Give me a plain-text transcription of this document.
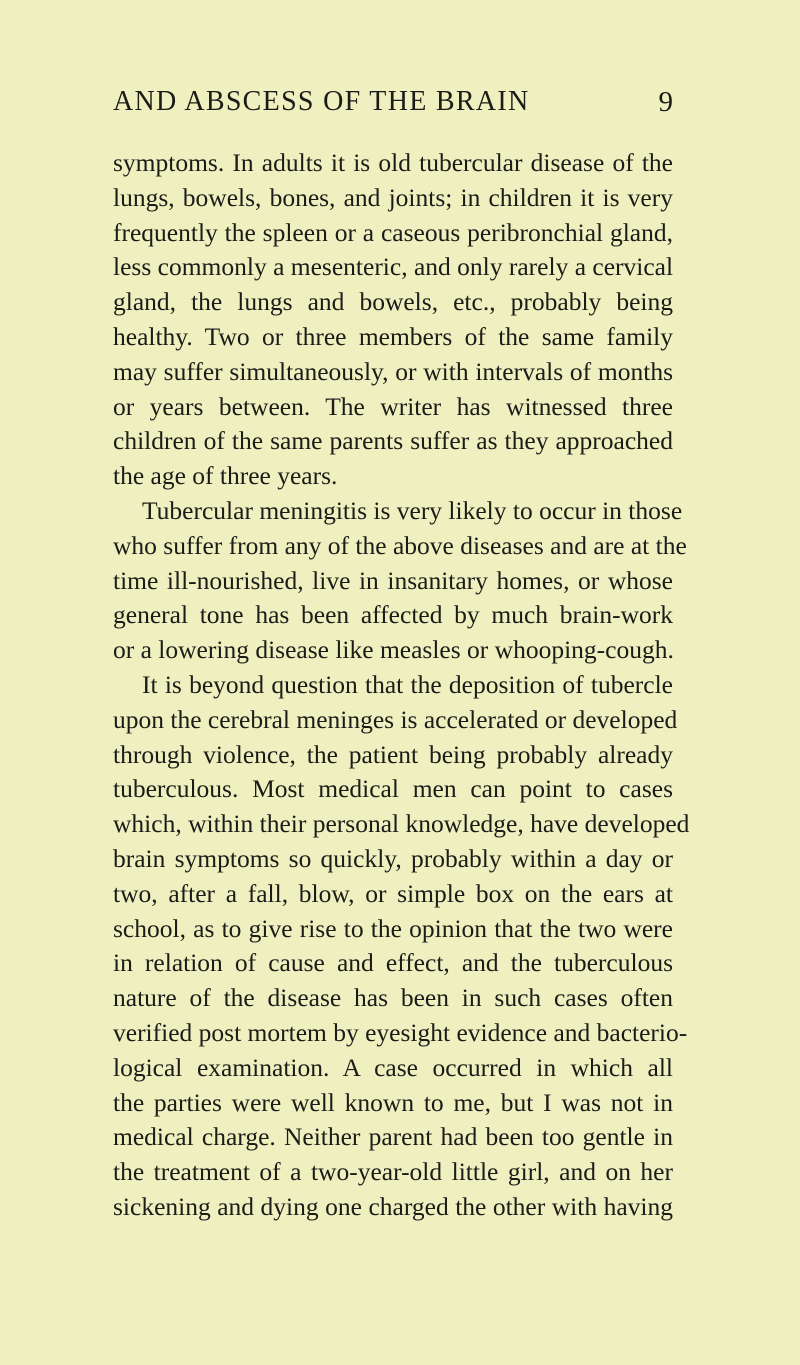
AND ABSCESS OF THE BRAIN	9
symptoms. In adults it is old tubercular disease of the
lungs, bowels, bones, and joints; in children it is very
frequently the spleen or a caseous peribronchial gland,
less commonly a mesenteric, and only rarely a cervical
gland, the lungs and bowels, etc., probably being
healthy. Two or three members of the same family
may suffer simultaneously, or with intervals of months
or years between. The writer has witnessed three
children of the same parents suffer as they approached
the age of three years.
Tubercular meningitis is very likely to occur in those
who suffer from any of the above diseases and are at the
time ill-nourished, live in insanitary homes, or whose
general tone has been affected by much brain-work
or a lowering disease like measles or whooping-cough.
It is beyond question that the deposition of tubercle
upon the cerebral meninges is accelerated or developed
through violence, the patient being probably already
tuberculous. Most medical men can point to cases
which, within their personal knowledge, have developed
brain symptoms so quickly, probably within a day or
two, after a fall, blow, or simple box on the ears at
school, as to give rise to the opinion that the two were
in relation of cause and effect, and the tuberculous
nature of the disease has been in such cases often
verified post mortem by eyesight evidence and bacterio-
logical examination. A case occurred in which all
the parties were well known to me, but I was not in
medical charge. Neither parent had been too gentle in
the treatment of a two-year-old little girl, and on her
sickening and dying one charged the other with having
